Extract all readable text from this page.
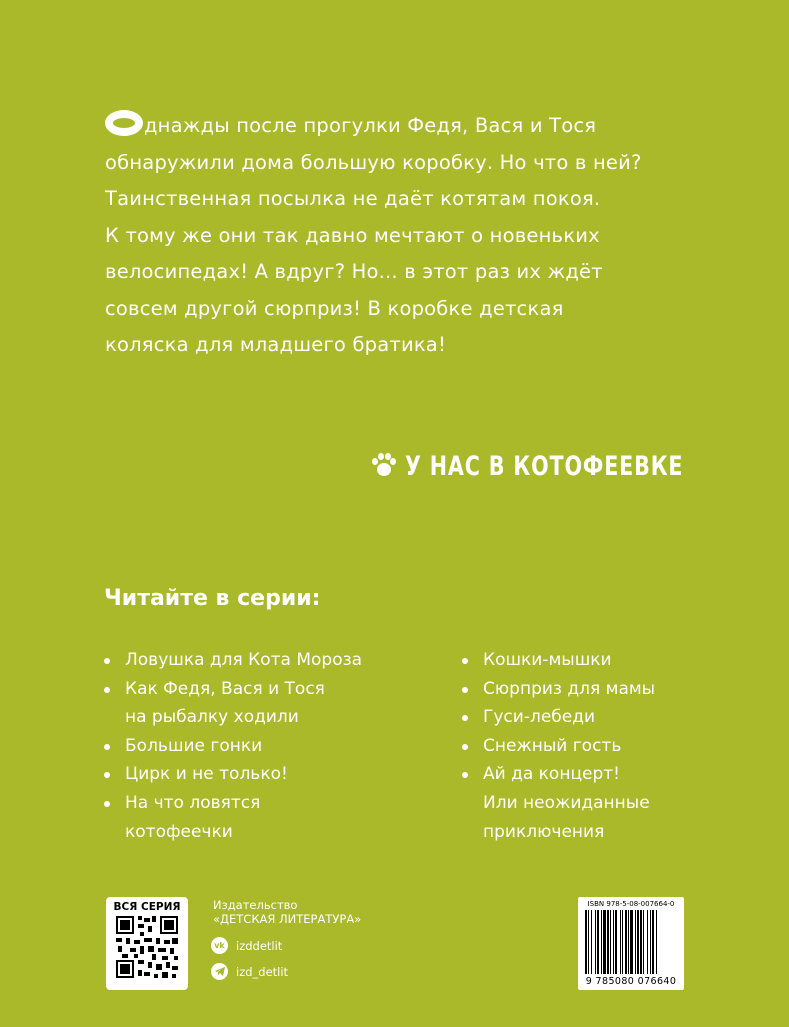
днажды после прогулки Федя, Вася и Тося
обнаружили дома большую коробку. Но что в ней?
Таинственная посылка не даёт котятам покоя.
К тому же они так давно мечтают о новеньких
велосипедах! А вдруг? Но... в этот раз их ждёт
совсем другой сюрприз! В коробке детская
коляска для младшего братика!
У НАС В КОТОФЕЕВКЕ
Читайте в серии:
Ловушка для Кота Мороза
Как Федя, Вася и Тося
на рыбалку ходили
Большие гонки
Цирк и не только!
На что ловятся
котофеечки
Кошки-мышки
Сюрприз для мамы
Гуси-лебеди
Снежный гость
Ай да концерт!
Или неожиданные
приключения
ВСЯ СЕРИЯ	Издательство
«ДЕТСКАЯ ЛИТЕРАТУРА»
vk izddetlit
izd_detlit
ISBN 978-5-08-007664-0
9 785080 076640
